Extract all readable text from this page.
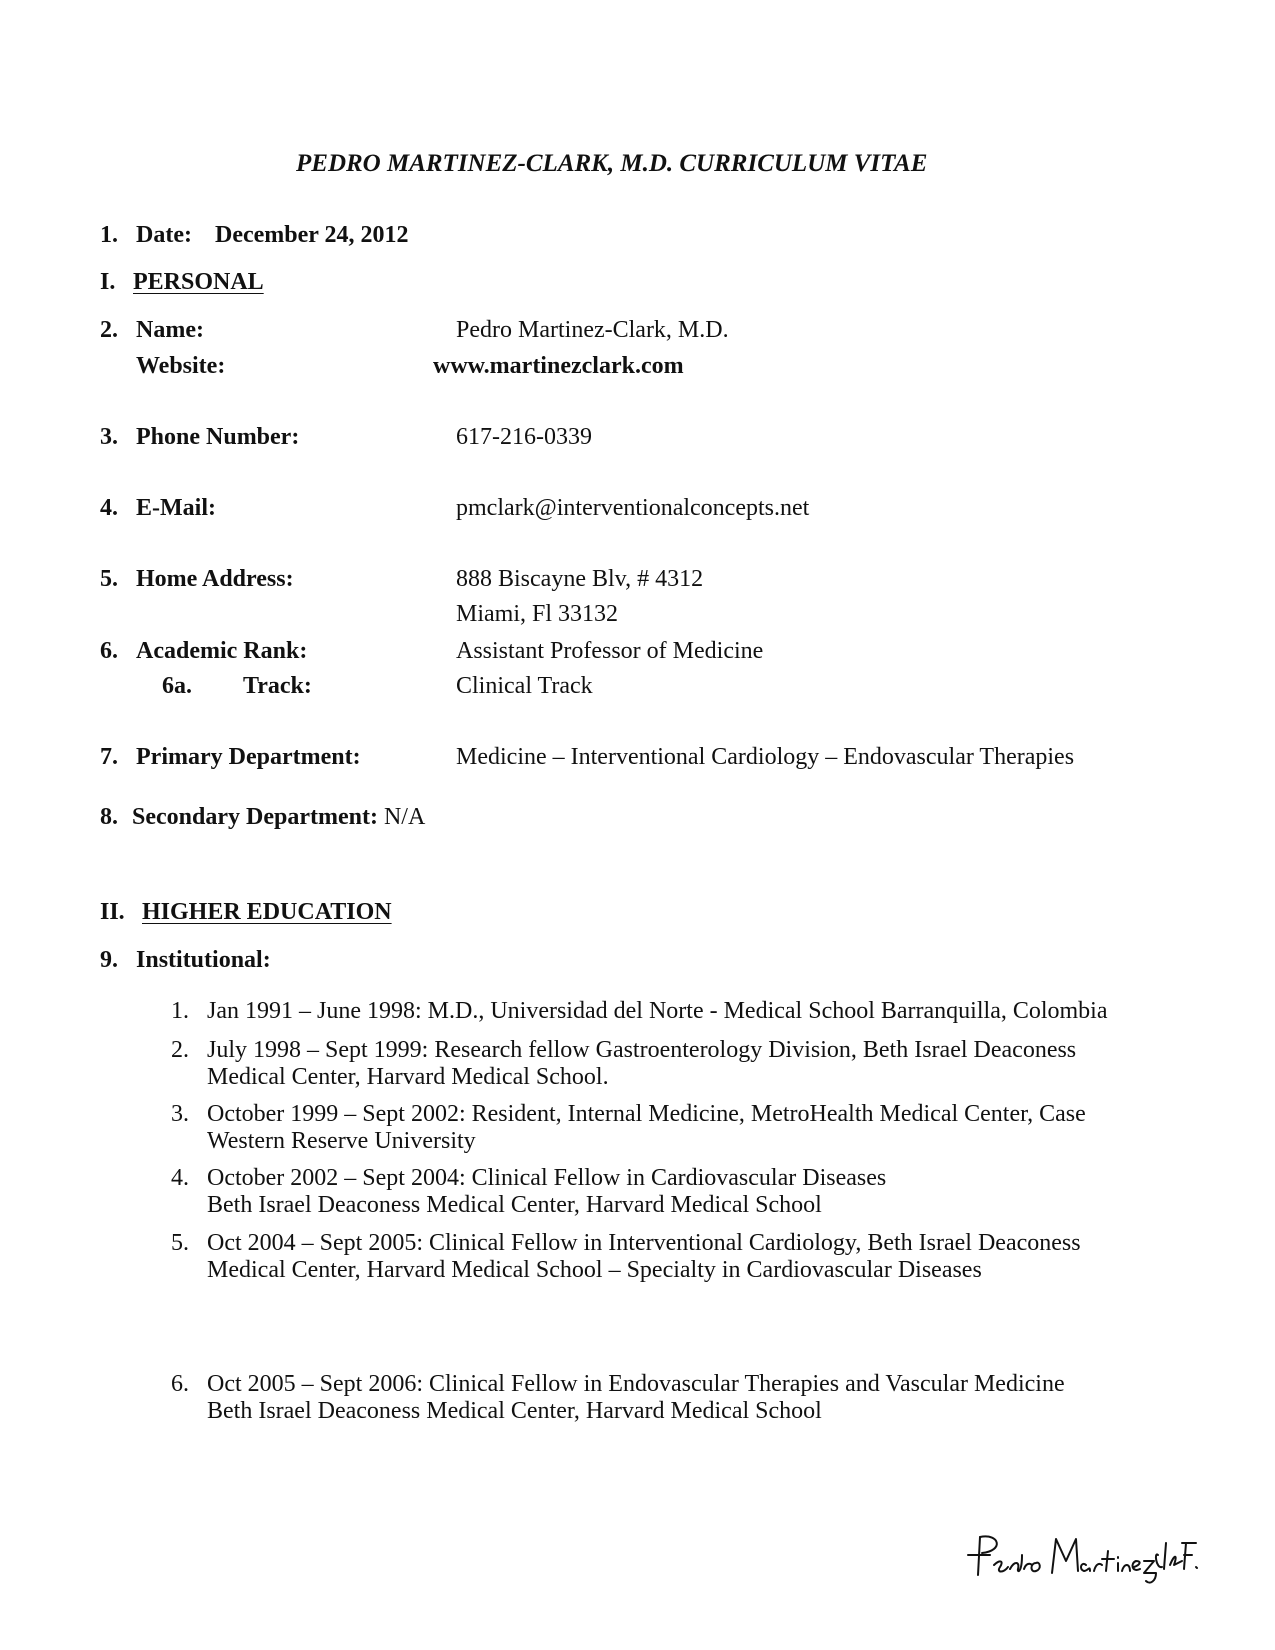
PEDRO MARTINEZ-CLARK, M.D. CURRICULUM VITAE
1. Date: December 24, 2012
I. PERSONAL
2. Name:	Pedro Martinez-Clark, M.D.
Website:	www.martinezclark.com
3. Phone Number:	617-216-0339
4. E-Mail:	pmclark@interventionalconcepts.net
5. Home Address:	888 Biscayne Blv, # 4312
Miami, Fl 33132
6. Academic Rank:	Assistant Professor of Medicine
6a. Track:	Clinical Track
7. Primary Department:	Medicine – Interventional Cardiology – Endovascular Therapies
8. Secondary Department: N/A
II. HIGHER EDUCATION
9. Institutional:
1. Jan 1991 – June 1998: M.D., Universidad del Norte - Medical School Barranquilla, Colombia
2. July 1998 – Sept 1999: Research fellow Gastroenterology Division, Beth Israel Deaconess
Medical Center, Harvard Medical School.
3. October 1999 – Sept 2002: Resident, Internal Medicine, MetroHealth Medical Center, Case
Western Reserve University
4. October 2002 – Sept 2004: Clinical Fellow in Cardiovascular Diseases
Beth Israel Deaconess Medical Center, Harvard Medical School
5. Oct 2004 – Sept 2005: Clinical Fellow in Interventional Cardiology, Beth Israel Deaconess
Medical Center, Harvard Medical School – Specialty in Cardiovascular Diseases
6. Oct 2005 – Sept 2006: Clinical Fellow in Endovascular Therapies and Vascular Medicine
Beth Israel Deaconess Medical Center, Harvard Medical School
